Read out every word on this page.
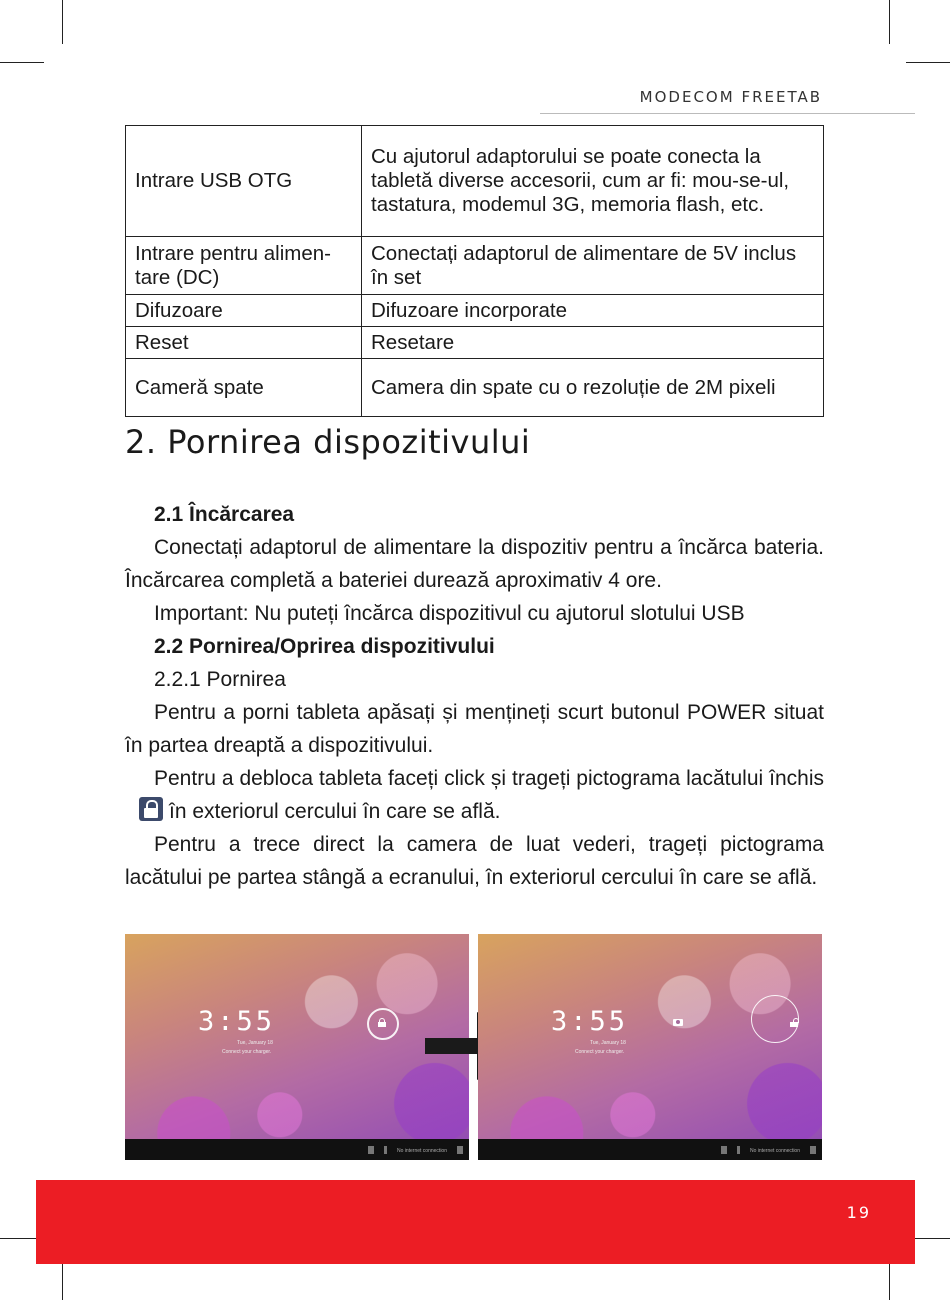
MODECOM FREETAB
Intrare USB OTG	Cu ajutorul adaptorului se poate conecta la tabletă diverse accesorii, cum ar fi: mou-se-ul, tastatura, modemul 3G, memoria flash, etc.
Intrare pentru alimen-tare (DC)	Conectați adaptorul de alimentare de 5V inclus în set
Difuzoare	Difuzoare incorporate
Reset	Resetare
Cameră spate	Camera din spate cu o rezoluție de 2M pixeli
2. Pornirea dispozitivului

2.1 Încărcarea

Conectați adaptorul de alimentare la dispozitiv pentru a încărca bateria. Încărcarea completă a bateriei durează aproximativ 4 ore.

Important: Nu puteți încărca dispozitivul cu ajutorul slotului USB

2.2 Pornirea/Oprirea dispozitivului

2.2.1 Pornirea

Pentru a porni tableta apăsați și mențineți scurt butonul POWER situat în partea dreaptă a dispozitivului.

Pentru a debloca tableta faceți click și trageți pictograma lacătului închis
în exteriorul cercului în care se află.

Pentru a trece direct la camera de luat vederi, trageți pictograma lacătului pe partea stângă a ecranului, în exteriorul cercului în care se află.

3:55
Tue, January 18
Connect your charger.
No internet connection
3:55
Tue, January 18
Connect your charger.
No internet connection
19
